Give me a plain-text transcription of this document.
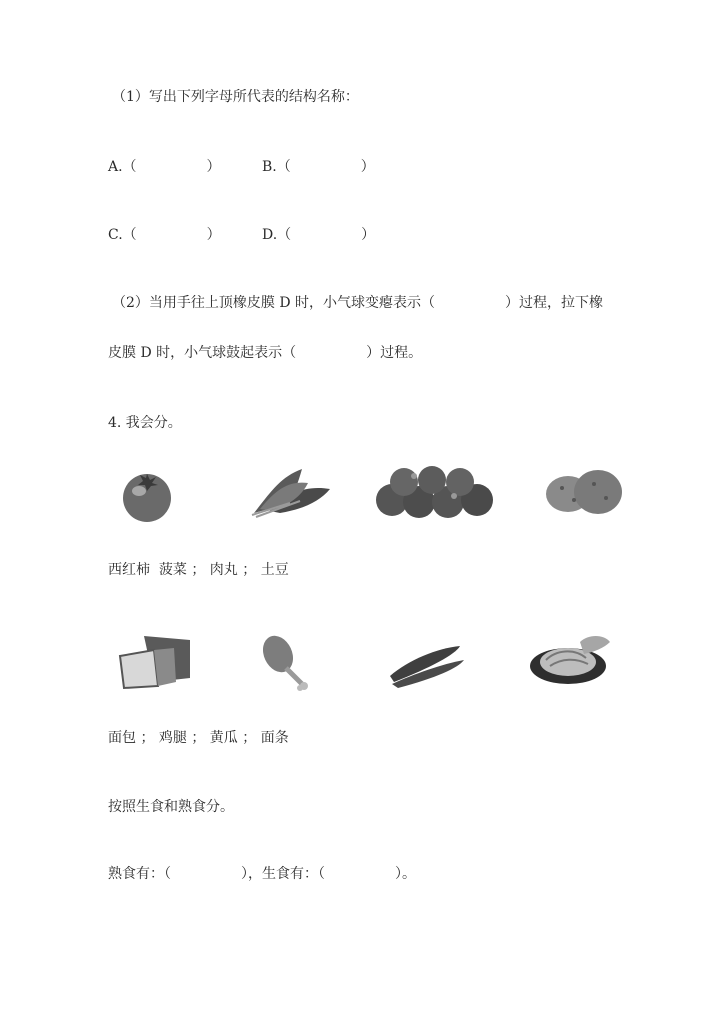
（1）写出下列字母所代表的结构名称：
A.（　　　　　）	B.（　　　　　）
C.（　　　　　）	D.（　　　　　）
（2）当用手往上顶橡皮膜 D 时，小气球变瘪表示（　　　　　）过程，拉下橡
皮膜 D 时，小气球鼓起表示（　　　　　）过程。
4. 我会分。
西红柿  菠菜 ； 肉丸 ； 土豆
面包 ； 鸡腿 ； 黄瓜 ； 面条
按照生食和熟食分。
熟食有：（　　　　　），生食有：（　　　　　）。
